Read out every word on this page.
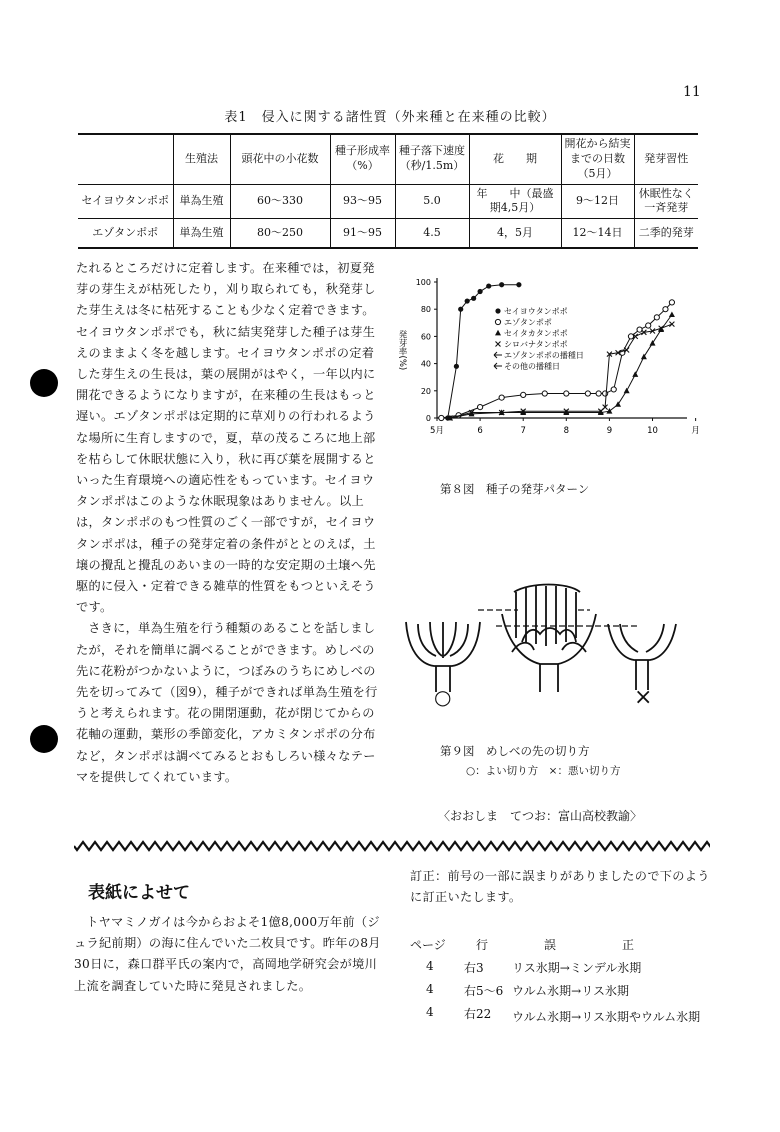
11
表1　侵入に関する諸性質（外来種と在来種の比較）
	生殖法	頭花中の小花数	種子形成率（%）	種子落下速度（秒/1.5m）	花　　期	開花から結実までの日数（5月）	発芽習性
セイヨウタンポポ	単為生殖	60～330	93～95	5.0	年　　中（最盛期4,5月）	9～12日	休眠性なく一斉発芽
エゾタンポポ	単為生殖	80～250	91～95	4.5	4，5月	12～14日	二季的発芽

たれるところだけに定着します。在来種では，初夏発芽の芽生えが枯死したり，刈り取られても，秋発芽した芽生えは冬に枯死することも少なく定着できます。セイヨウタンポポでも，秋に結実発芽した種子は芽生えのままよく冬を越します。セイヨウタンポポの定着した芽生えの生長は，葉の展開がはやく，一年以内に開花できるようになりますが，在来種の生長はもっと遅い。エゾタンポポは定期的に草刈りの行われるような場所に生育しますので，夏，草の茂るころに地上部を枯らして休眠状態に入り，秋に再び葉を展開するといった生育環境への適応性をもっています。セイヨウタンポポはこのような休眠現象はありません。以上は，タンポポのもつ性質のごく一部ですが，セイヨウタンポポは，種子の発芽定着の条件がととのえば，土壌の攪乱と攪乱のあいまの一時的な安定期の土壌へ先駆的に侵入・定着できる雑草的性質をもつといえそうです。

さきに，単為生殖を行う種類のあることを話しましたが，それを簡単に調べることができます。めしべの先に花粉がつかないように，つぼみのうちにめしべの先を切ってみて（図9），種子ができれば単為生殖を行うと考えられます。花の開閉運動，花が閉じてからの花軸の運動，葉形の季節変化，アカミタンポポの分布など，タンポポは調べてみるとおもしろい様々なテーマを提供してくれています。

0
20
40
60
80
100
5月	6	7	8	9	10	月
発芽率(%)
セイヨウタンポポ
エゾタンポポ
セイタカタンポポ
シロバナタンポポ
エゾタンポポの播種日
その他の播種日
第８図　種子の発芽パターン
○	×
第９図　めしべの先の切り方
○：よい切り方　×：悪い切り方
〈おおしま　てつお：富山高校教諭〉
表紙によせて
トヤマミノガイは今からおよそ1億8,000万年前（ジュラ紀前期）の海に住んでいた二枚貝です。昨年の8月30日に，森口群平氏の案内で，高岡地学研究会が境川上流を調査していた時に発見されました。
訂正：前号の一部に誤まりがありましたので下のように訂正いたします。
ページ	行	誤	正
4	右3 リス氷期→ミンデル氷期
4	右5～6 ウルム氷期→リス氷期
4	右22 ウルム氷期→リス氷期やウルム氷期
